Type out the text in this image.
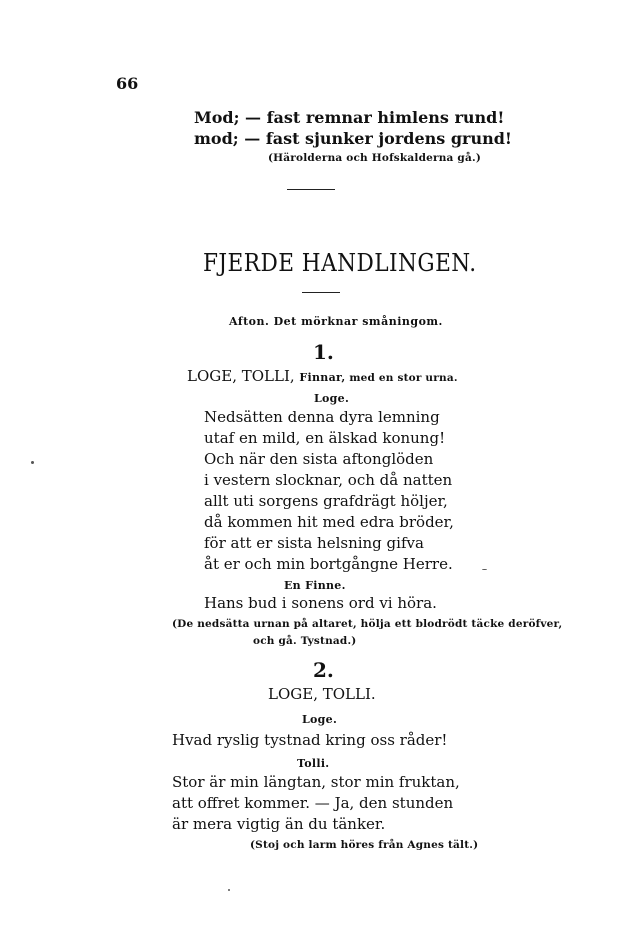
66
Mod; — fast remnar himlens rund!
mod; — fast sjunker jordens grund!
(Härolderna och Hofskalderna gå.)
FJERDE HANDLINGEN.
Afton. Det mörknar småningom.
1.
LOGE, TOLLI, Finnar, med en stor urna.
Loge.
Nedsätten denna dyra lemning
utaf en mild, en älskad konung!
Och när den sista aftonglöden
i vestern slocknar, och då natten
allt uti sorgens grafdrägt höljer,
då kommen hit med edra bröder,
för att er sista helsning gifva
åt er och min bortgångne Herre.
En Finne.
Hans bud i sonens ord vi höra.
(De nedsätta urnan på altaret, hölja ett blodrödt täcke deröfver,
och gå. Tystnad.)
2.
LOGE, TOLLI.
Loge.
Hvad ryslig tystnad kring oss råder!
Tolli.
Stor är min längtan, stor min fruktan,
att offret kommer. — Ja, den stunden
är mera vigtig än du tänker.
(Stoj och larm höres från Agnes tält.)
